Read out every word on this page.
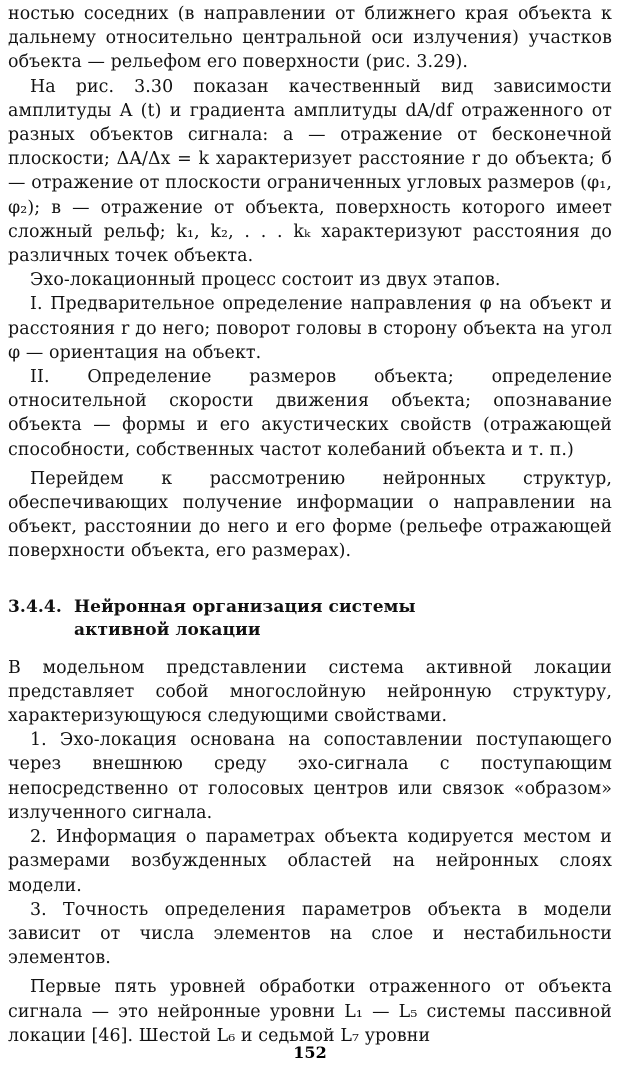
ностью соседних (в направлении от ближнего края объекта к дальнему относительно центральной оси излучения) участков объекта — рельефом его поверхности (рис. 3.29).

На рис. 3.30 показан качественный вид зависимости амплитуды A (t) и градиента амплитуды dA/df отраженного от разных объектов сигнала: а — отражение от бесконечной плоскости; ΔA/Δx = k характеризует расстояние r до объекта; б — отражение от плоскости ограниченных угловых размеров (φ₁, φ₂); в — отражение от объекта, поверхность которого имеет сложный рельф; k₁, k₂, . . . kₖ характеризуют расстояния до различных точек объекта.

Эхо-локационный процесс состоит из двух этапов.

I. Предварительное определение направления φ на объект и расстояния r до него; поворот головы в сторону объекта на угол φ — ориентация на объект.

II. Определение размеров объекта; определение относительной скорости движения объекта; опознавание объекта — формы и его акустических свойств (отражающей способности, собственных частот колебаний объекта и т. п.)

Перейдем к рассмотрению нейронных структур, обеспечивающих получение информации о направлении на объект, расстоянии до него и его форме (рельефе отражающей поверхности объекта, его размерах).

3.4.4. Нейронная организация системы
активной локации

В модельном представлении система активной локации представляет собой многослойную нейронную структуру, характеризующуюся следующими свойствами.

1. Эхо-локация основана на сопоставлении поступающего через внешнюю среду эхо-сигнала с поступающим непосредственно от голосовых центров или связок «образом» излученного сигнала.

2. Информация о параметрах объекта кодируется местом и размерами возбужденных областей на нейронных слоях модели.

3. Точность определения параметров объекта в модели зависит от числа элементов на слое и нестабильности элементов.

Первые пять уровней обработки отраженного от объекта сигнала — это нейронные уровни L₁ — L₅ системы пассивной локации [46]. Шестой L₆ и седьмой L₇ уровни

152
